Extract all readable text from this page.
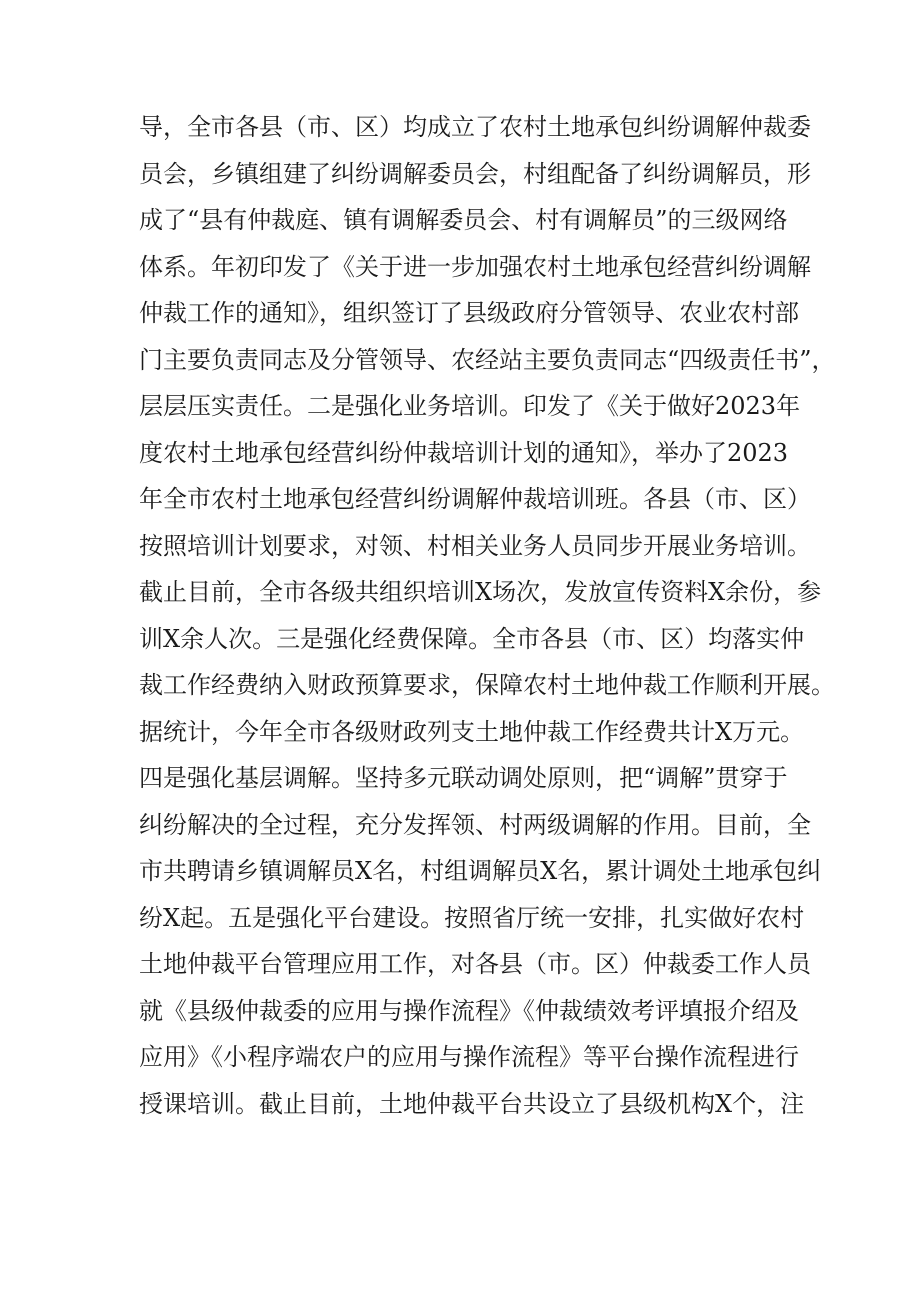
导，全市各县（市、区）均成立了农村土地承包纠纷调解仲裁委
员会，乡镇组建了纠纷调解委员会，村组配备了纠纷调解员，形
成了“县有仲裁庭、镇有调解委员会、村有调解员”的三级网络
体系。年初印发了《关于进一步加强农村土地承包经营纠纷调解
仲裁工作的通知》，组织签订了县级政府分管领导、农业农村部
门主要负责同志及分管领导、农经站主要负责同志“四级责任书”，
层层压实责任。二是强化业务培训。印发了《关于做好2023年
度农村土地承包经营纠纷仲裁培训计划的通知》，举办了2023
年全市农村土地承包经营纠纷调解仲裁培训班。各县（市、区）
按照培训计划要求，对领、村相关业务人员同步开展业务培训。
截止目前，全市各级共组织培训X场次，发放宣传资料X余份，参
训X余人次。三是强化经费保障。全市各县（市、区）均落实仲
裁工作经费纳入财政预算要求，保障农村土地仲裁工作顺利开展。
据统计，今年全市各级财政列支土地仲裁工作经费共计X万元。
四是强化基层调解。坚持多元联动调处原则，把“调解”贯穿于
纠纷解决的全过程，充分发挥领、村两级调解的作用。目前，全
市共聘请乡镇调解员X名，村组调解员X名，累计调处土地承包纠
纷X起。五是强化平台建设。按照省厅统一安排，扎实做好农村
土地仲裁平台管理应用工作，对各县（市。区）仲裁委工作人员
就《县级仲裁委的应用与操作流程》《仲裁绩效考评填报介绍及
应用》《小程序端农户的应用与操作流程》等平台操作流程进行
授课培训。截止目前，土地仲裁平台共设立了县级机构X个，注
